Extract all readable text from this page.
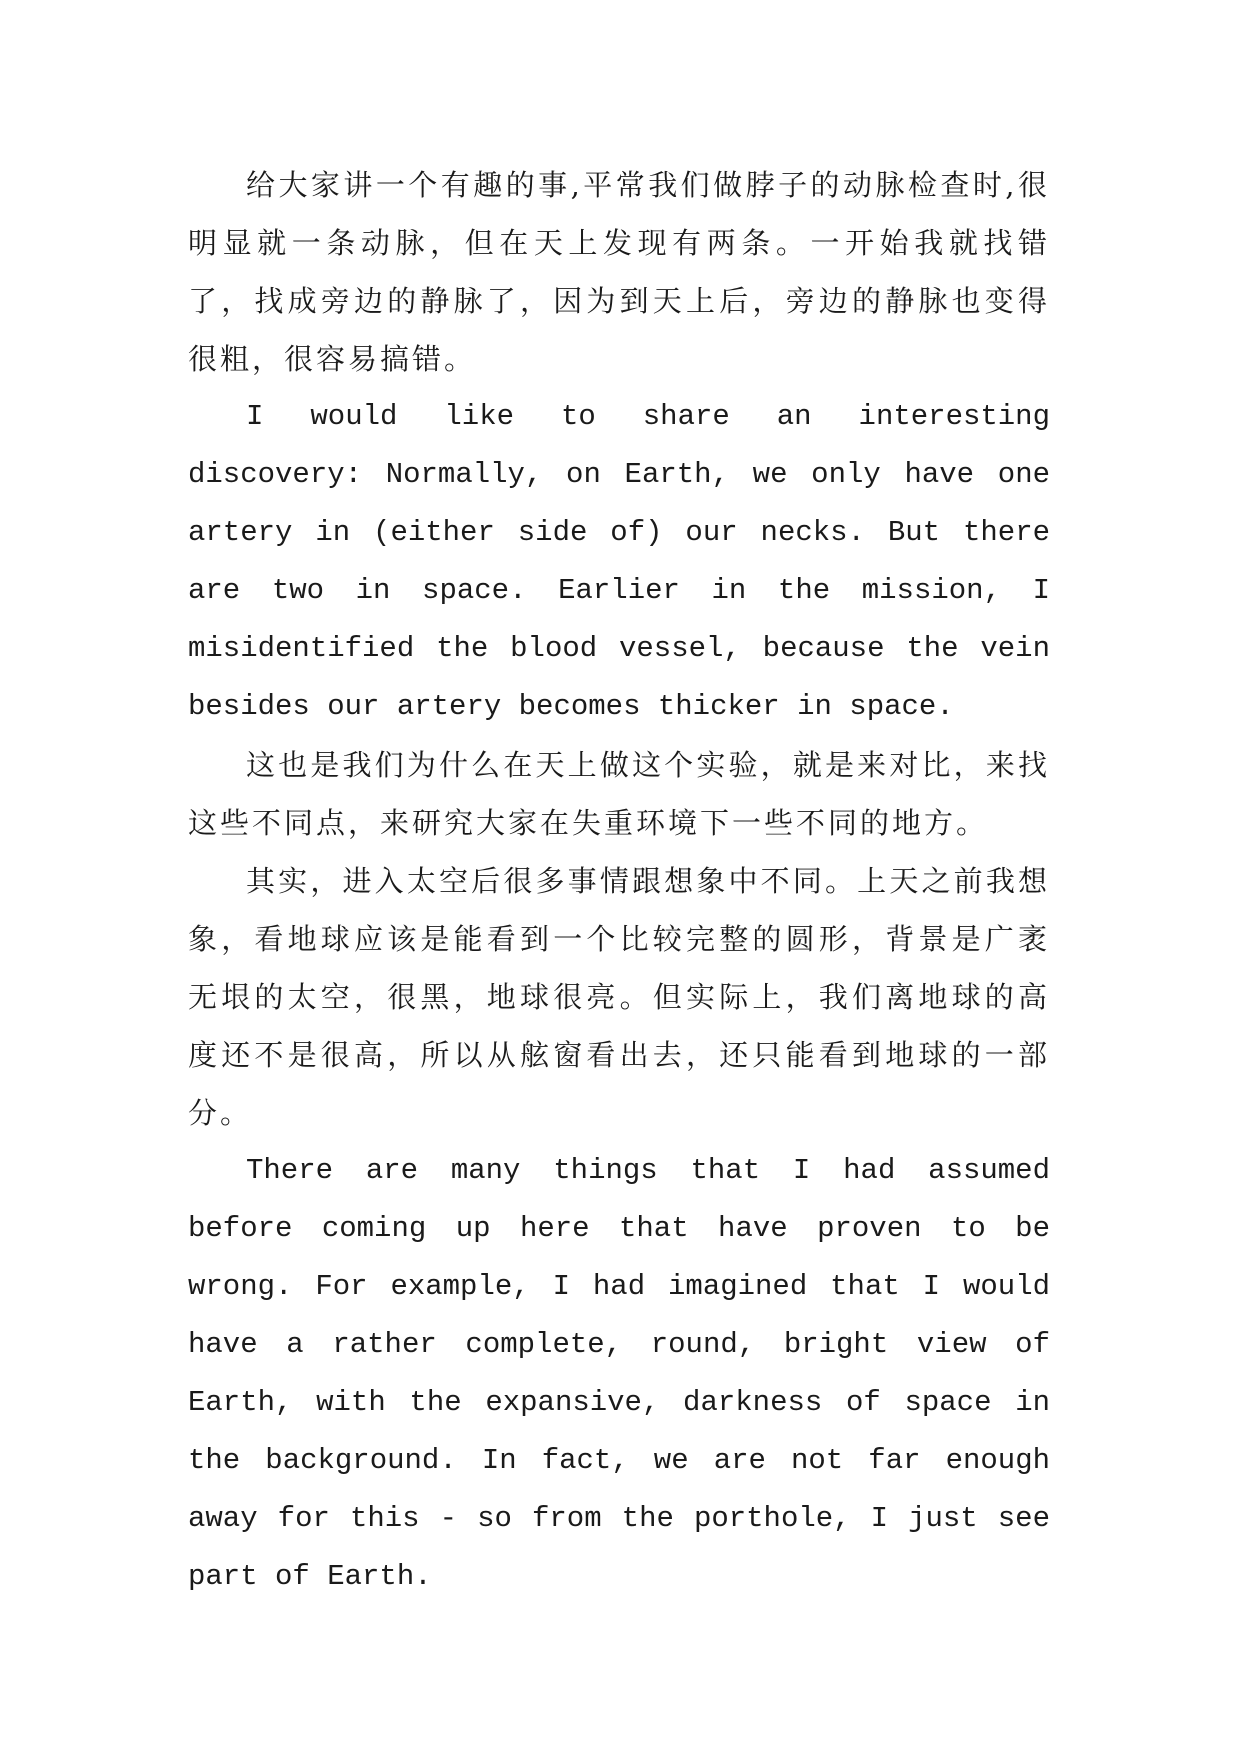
给大家讲一个有趣的事,平常我们做脖子的动脉检查时,很明显就一条动脉，但在天上发现有两条。一开始我就找错了，找成旁边的静脉了，因为到天上后，旁边的静脉也变得很粗，很容易搞错。

I would like to share an interesting discovery: Normally, on Earth, we only have one artery in (either side of) our necks. But there are two in space. Earlier in the mission, I misidentified the blood vessel, because the vein besides our artery becomes thicker in space.

这也是我们为什么在天上做这个实验，就是来对比，来找这些不同点，来研究大家在失重环境下一些不同的地方。

其实，进入太空后很多事情跟想象中不同。上天之前我想象，看地球应该是能看到一个比较完整的圆形，背景是广袤无垠的太空，很黑，地球很亮。但实际上，我们离地球的高度还不是很高，所以从舷窗看出去，还只能看到地球的一部分。

There are many things that I had assumed before coming up here that have proven to be wrong. For example, I had imagined that I would have a rather complete, round, bright view of Earth, with the expansive, darkness of space in the background. In fact, we are not far enough away for this - so from the porthole, I just see part of Earth.
